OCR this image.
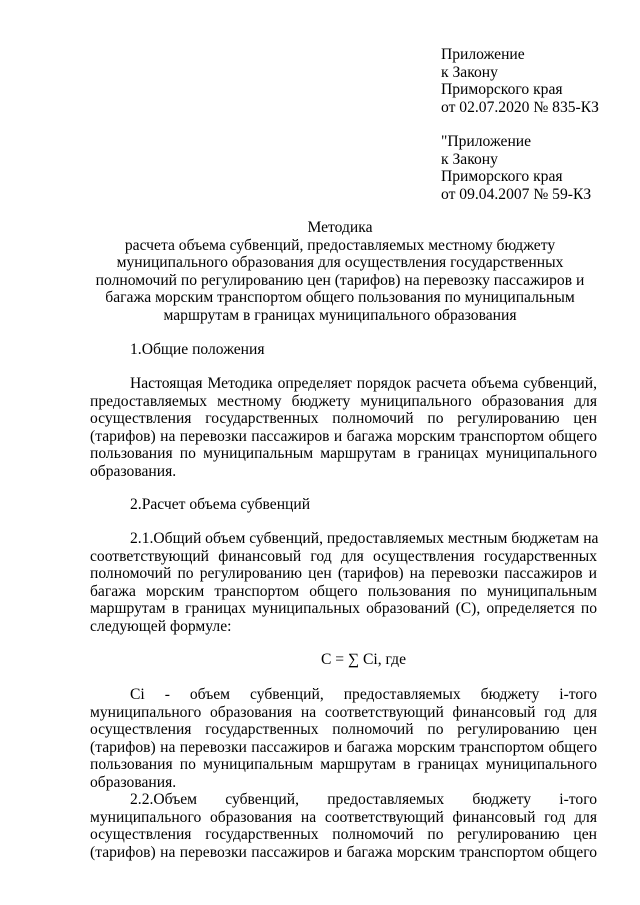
Приложение
к Закону
Приморского края
от 02.07.2020 № 835-КЗ
"Приложение
к Закону
Приморского края
от 09.04.2007 № 59-КЗ
Методика
расчета объема субвенций, предоставляемых местному бюджету
муниципального образования для осуществления государственных
полномочий по регулированию цен (тарифов) на перевозку пассажиров и
багажа морским транспортом общего пользования по муниципальным
маршрутам в границах муниципального образования
1.Общие положения
Настоящая Методика определяет порядок расчета объема субвенций,
предоставляемых местному бюджету муниципального образования для
осуществления государственных полномочий по регулированию цен
(тарифов) на перевозки пассажиров и багажа морским транспортом общего
пользования по муниципальным маршрутам в границах муниципального
образования.
2.Расчет объема субвенций
2.1.Общий объем субвенций, предоставляемых местным бюджетам на
соответствующий финансовый год для осуществления государственных
полномочий по регулированию цен (тарифов) на перевозки пассажиров и
багажа морским транспортом общего пользования по муниципальным
маршрутам в границах муниципальных образований (С), определяется по
следующей формуле:
С = ∑ Сi, где
Сi - объем субвенций, предоставляемых бюджету i-того
муниципального образования на соответствующий финансовый год для
осуществления государственных полномочий по регулированию цен
(тарифов) на перевозки пассажиров и багажа морским транспортом общего
пользования по муниципальным маршрутам в границах муниципального
образования.
2.2.Объем субвенций, предоставляемых бюджету i-того
муниципального образования на соответствующий финансовый год для
осуществления государственных полномочий по регулированию цен
(тарифов) на перевозки пассажиров и багажа морским транспортом общего
